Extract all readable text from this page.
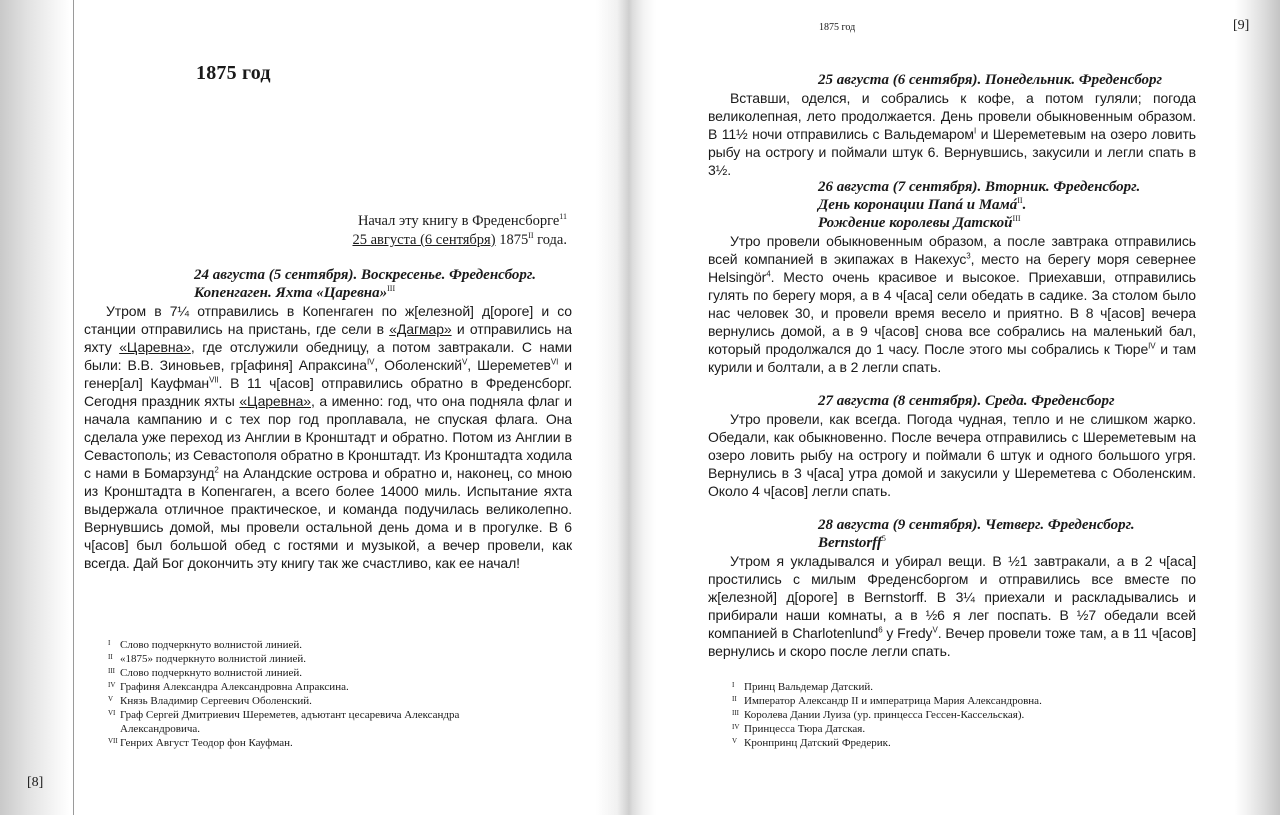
1875 год
Начал эту книгу в Фреденсборге$^{11}$
25 августа (6 сентября) $1875^{II}$ года.
24 августа (5 сентября). Воскресенье. Фреденсборг.
Копенгаген. Яхта «Царевна»$^{III}$

Утром в 7¼ отправились в Копенгаген по ж[елезной] д[ороге] и со станции отправились на пристань, где сели в «Дагмар» и отправились на яхту «Царевна», где отслужили обедницу, а потом завтракали. С нами были: В.В. Зиновьев, гр[афиня] Апраксина$^{IV}$, Оболенский$^V$, Шереметев$^{VI}$ и генер[ал] Кауфман$^{VII}$. В 11 ч[асов] отправились обратно в Фреденсборг. Сегодня праздник яхты «Царевна», а именно: год, что она подняла флаг и начала кампанию и с тех пор год проплавала, не спуская флага. Она сделала уже переход из Англии в Кронштадт и обратно. Потом из Англии в Севастополь; из Севастополя обратно в Кронштадт. Из Кронштадта ходила с нами в Бомарзунд$^2$ на Аландские острова и обратно и, наконец, со мною из Кронштадта в Копенгаген, а всего более 14000 миль. Испытание яхта выдержала отличное практическое, и команда подучилась великолепно. Вернувшись домой, мы провели остальной день дома и в прогулке. В 6 ч[асов] был большой обед с гостями и музыкой, а вечер провели, как всегда. Дай Бог докончить эту книгу так же счастливо, как ее начал!

I Слово подчеркнуто волнистой линией.
II «1875» подчеркнуто волнистой линией.
III Слово подчеркнуто волнистой линией.
IV Графиня Александра Александровна Апраксина.
V Князь Владимир Сергеевич Оболенский.
VI Граф Сергей Дмитриевич Шереметев, адъютант цесаревича Александра Александровича.
VII Генрих Август Теодор фон Кауфман.
[8]
1875 год	[9]
25 августа (6 сентября). Понедельник. Фреденсборг

Вставши, оделся, и собрались к кофе, а потом гуляли; погода великолепная, лето продолжается. День провели обыкновенным образом. В 11½ ночи отправились с Вальдемаром$^I$ и Шереметевым на озеро ловить рыбу на острогу и поймали штук 6. Вернувшись, закусили и легли спать в 3½.

26 августа (7 сентября). Вторник. Фреденсборг.
День коронации Папá и Мамá$^{II}$.
Рождение королевы Датской$^{III}$

Утро провели обыкновенным образом, а после завтрака отправились всей компанией в экипажах в Накехус$^3$, место на берегу моря севернее Helsingör$^4$. Место очень красивое и высокое. Приехавши, отправились гулять по берегу моря, а в 4 ч[аса] сели обедать в садике. За столом было нас человек 30, и провели время весело и приятно. В 8 ч[асов] вечера вернулись домой, а в 9 ч[асов] снова все собрались на маленький бал, который продолжался до 1 часу. После этого мы собрались к Тюре$^{IV}$ и там курили и болтали, а в 2 легли спать.

27 августа (8 сентября). Среда. Фреденсборг

Утро провели, как всегда. Погода чудная, тепло и не слишком жарко. Обедали, как обыкновенно. После вечера отправились с Шереметевым на озеро ловить рыбу на острогу и поймали 6 штук и одного большого угря. Вернулись в 3 ч[аса] утра домой и закусили у Шереметева с Оболенским. Около 4 ч[асов] легли спать.

28 августа (9 сентября). Четверг. Фреденсборг.
Bernstorff$^5$

Утром я укладывался и убирал вещи. В ½1 завтракали, а в 2 ч[аса] простились с милым Фреденсборгом и отправились все вместе по ж[елезной] д[ороге] в Bernstorff. В 3¼ приехали и раскладывались и прибирали наши комнаты, а в ½6 я лег поспать. В ½7 обедали всей компанией в Charlotenlund$^6$ у Fredy$^V$. Вечер провели тоже там, а в 11 ч[асов] вернулись и скоро после легли спать.

I Принц Вальдемар Датский.
II Император Александр II и императрица Мария Александровна.
III Королева Дании Луиза (ур. принцесса Гессен-Кассельская).
IV Принцесса Тюра Датская.
V Кронпринц Датский Фредерик.
